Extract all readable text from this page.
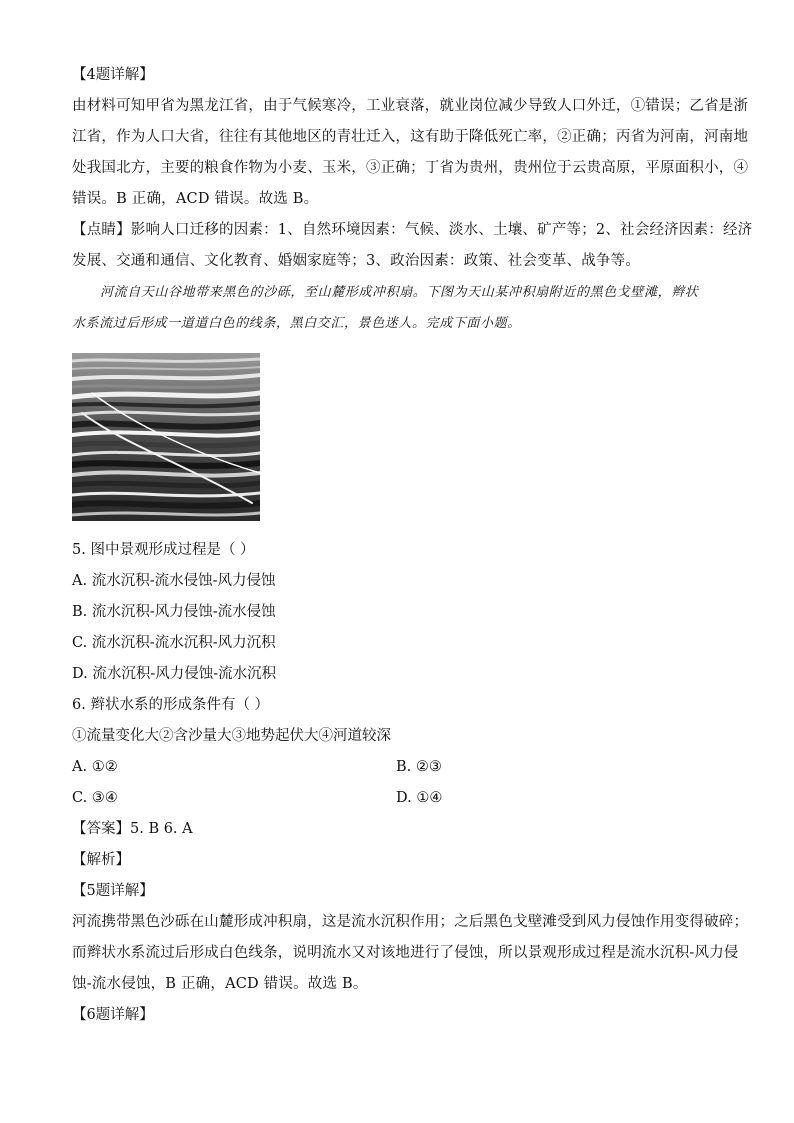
【4题详解】
由材料可知甲省为黑龙江省，由于气候寒冷，工业衰落，就业岗位减少导致人口外迁，①错误；乙省是浙
江省，作为人口大省，往往有其他地区的青壮迁入，这有助于降低死亡率，②正确；丙省为河南，河南地
处我国北方，主要的粮食作物为小麦、玉米，③正确；丁省为贵州，贵州位于云贵高原，平原面积小，④
错误。B 正确，ACD 错误。故选 B。
【点睛】影响人口迁移的因素：1、自然环境因素：气候、淡水、土壤、矿产等；2、社会经济因素：经济
发展、交通和通信、文化教育、婚姻家庭等；3、政治因素：政策、社会变革、战争等。
河流自天山谷地带来黑色的沙砾，至山麓形成冲积扇。下图为天山某冲积扇附近的黑色戈壁滩，辫状
水系流过后形成一道道白色的线条，黑白交汇，景色迷人。完成下面小题。
5. 图中景观形成过程是（ ）
A. 流水沉积-流水侵蚀-风力侵蚀
B. 流水沉积-风力侵蚀-流水侵蚀
C. 流水沉积-流水沉积-风力沉积
D. 流水沉积-风力侵蚀-流水沉积
6. 辫状水系的形成条件有（ ）
①流量变化大②含沙量大③地势起伏大④河道较深
A. ①②	B. ②③
C. ③④	D. ①④
【答案】5. B 6. A
【解析】
【5题详解】
河流携带黑色沙砾在山麓形成冲积扇，这是流水沉积作用；之后黑色戈壁滩受到风力侵蚀作用变得破碎；
而辫状水系流过后形成白色线条，说明流水又对该地进行了侵蚀，所以景观形成过程是流水沉积-风力侵
蚀-流水侵蚀，B 正确，ACD 错误。故选 B。
【6题详解】
